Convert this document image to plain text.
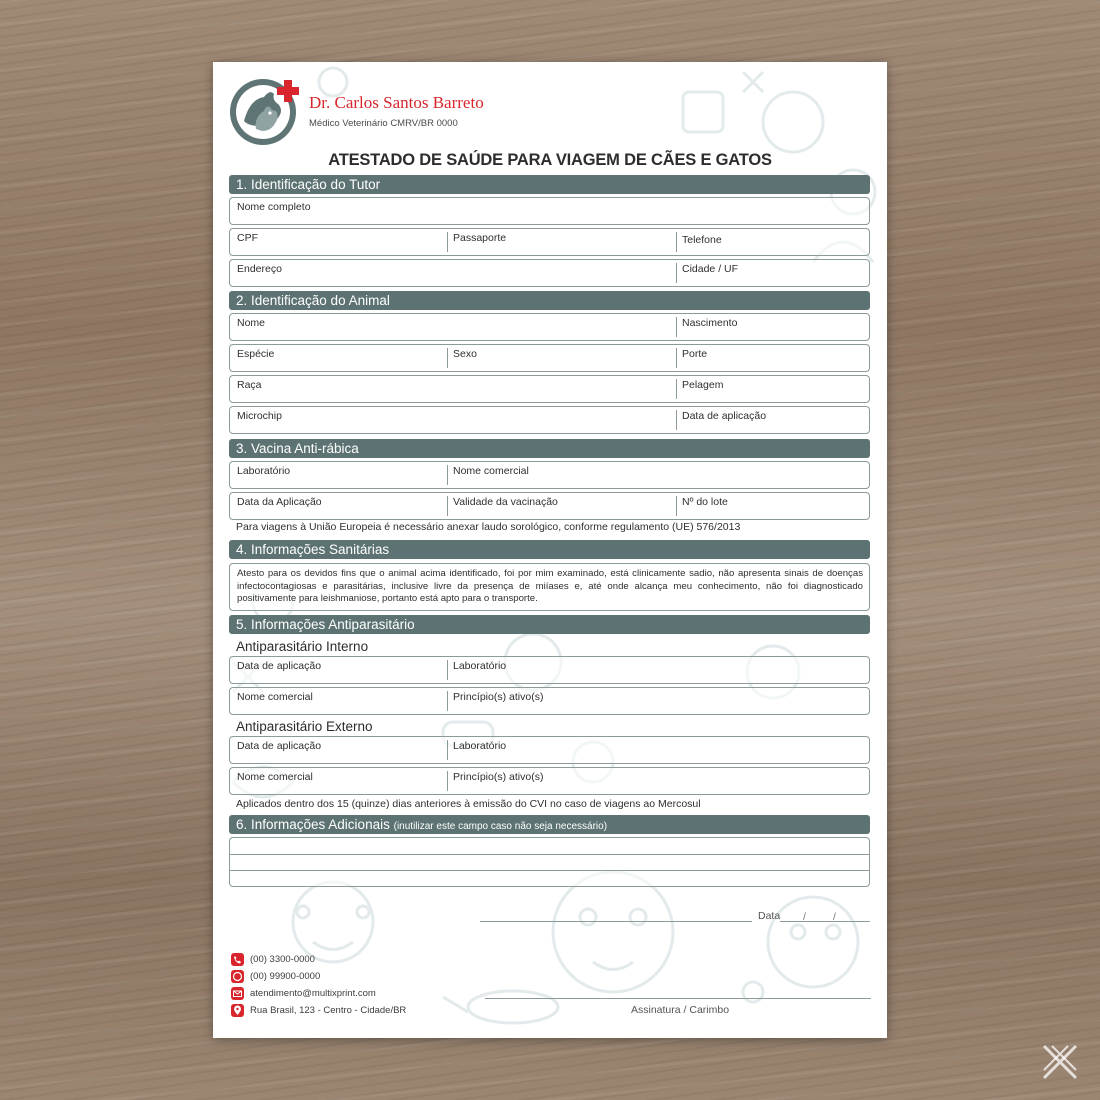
Dr. Carlos Santos Barreto
Médico Veterinário CMRV/BR 0000
ATESTADO DE SAÚDE PARA VIAGEM DE CÃES E GATOS
1. Identificação do Tutor
Nome completo
CPF	Passaporte	Telefone
Endereço	Cidade / UF
2. Identificação do Animal
Nome	Nascimento
Espécie	Sexo	Porte
Raça	Pelagem
Microchip	Data de aplicação
3. Vacina Anti-rábica
Laboratório	Nome comercial
Data da Aplicação	Validade da vacinação	Nº do lote
Para viagens à União Europeia é necessário anexar laudo sorológico, conforme regulamento (UE) 576/2013
4. Informações Sanitárias
Atesto para os devidos fins que o animal acima identificado, foi por mim examinado, está clinicamente sadio, não apresenta sinais de doenças infectocontagiosas e parasitárias, inclusive livre da presença de miíases e, até onde alcança meu conhecimento, não foi diagnosticado positivamente para leishmaniose, portanto está apto para o transporte.
5. Informações Antiparasitário
Antiparasitário Interno
Data de aplicação	Laboratório
Nome comercial	Princípio(s) ativo(s)
Antiparasitário Externo
Data de aplicação	Laboratório
Nome comercial	Princípio(s) ativo(s)
Aplicados dentro dos 15 (quinze) dias anteriores à emissão do CVI no caso de viagens ao Mercosul
6. Informações Adicionais (inutilizar este campo caso não seja necessário)
Data /	/
Assinatura / Carimbo
(00) 3300-0000
(00) 99900-0000
atendimento@multixprint.com
Rua Brasil, 123 - Centro - Cidade/BR
